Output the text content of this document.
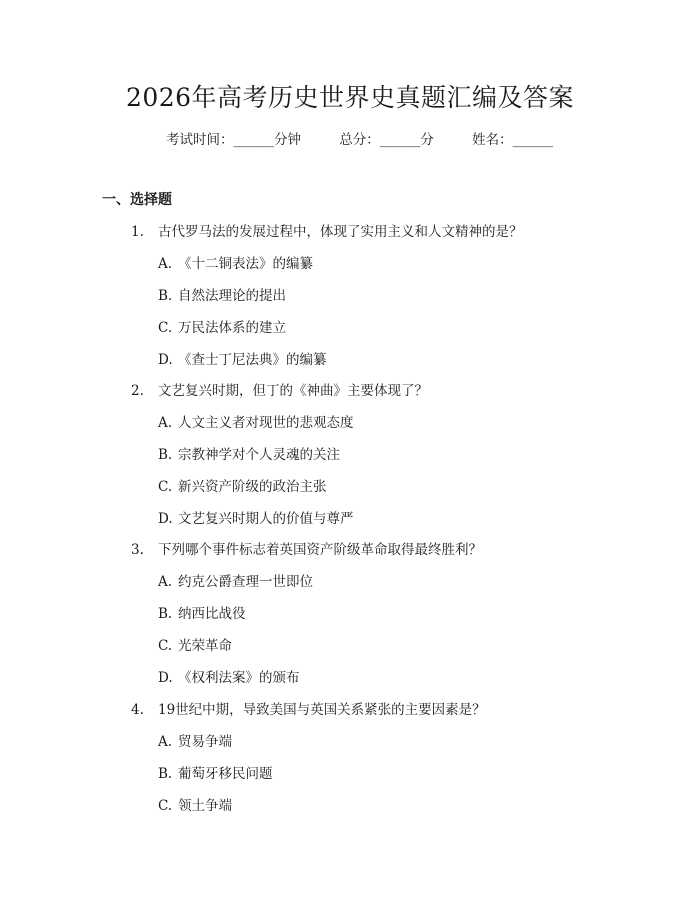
2026年高考历史世界史真题汇编及答案
考试时间：______分钟	总分：______分	姓名：______
一、选择题
1.	古代罗马法的发展过程中，体现了实用主义和人文精神的是？
A. 《十二铜表法》的编纂
B. 自然法理论的提出
C. 万民法体系的建立
D. 《查士丁尼法典》的编纂
2.	文艺复兴时期，但丁的《神曲》主要体现了？
A. 人文主义者对现世的悲观态度
B. 宗教神学对个人灵魂的关注
C. 新兴资产阶级的政治主张
D. 文艺复兴时期人的价值与尊严
3.	下列哪个事件标志着英国资产阶级革命取得最终胜利？
A. 约克公爵查理一世即位
B. 纳西比战役
C. 光荣革命
D. 《权利法案》的颁布
4.	19世纪中期，导致美国与英国关系紧张的主要因素是？
A. 贸易争端
B. 葡萄牙移民问题
C. 领土争端
